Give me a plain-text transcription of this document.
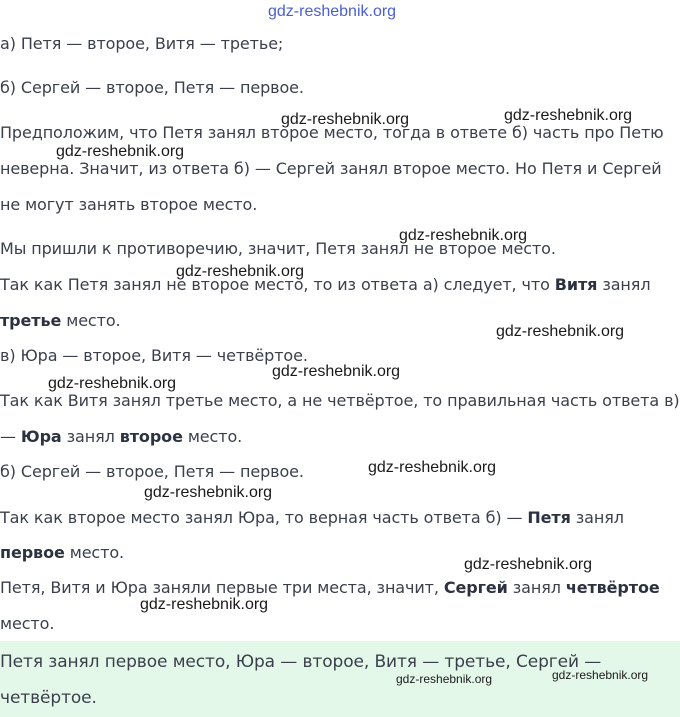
gdz-reshebnik.org
gdz-reshebnik.org	gdz-reshebnik.org
gdz-reshebnik.org
gdz-reshebnik.org
gdz-reshebnik.org
gdz-reshebnik.org
gdz-reshebnik.org
gdz-reshebnik.org
gdz-reshebnik.org
gdz-reshebnik.org
gdz-reshebnik.org
gdz-reshebnik.org
gdz-reshebnik.org	gdz-reshebnik.org
а) Петя — второе, Витя — третье;
б) Сергей — второе, Петя — первое.
Предположим, что Петя занял второе место, тогда в ответе б) часть про Петю
неверна. Значит, из ответа б) — Сергей занял второе место. Но Петя и Сергей
не могут занять второе место.
Мы пришли к противоречию, значит, Петя занял не второе место.
Так как Петя занял не второе место, то из ответа а) следует, что Витя занял
третье место.
в) Юра — второе, Витя — четвёртое.
Так как Витя занял третье место, а не четвёртое, то правильная часть ответа в)
— Юра занял второе место.
б) Сергей — второе, Петя — первое.
Так как второе место занял Юра, то верная часть ответа б) — Петя занял
первое место.
Петя, Витя и Юра заняли первые три места, значит, Сергей занял четвёртое
место.
Петя занял первое место, Юра — второе, Витя — третье, Сергей —
четвёртое.
